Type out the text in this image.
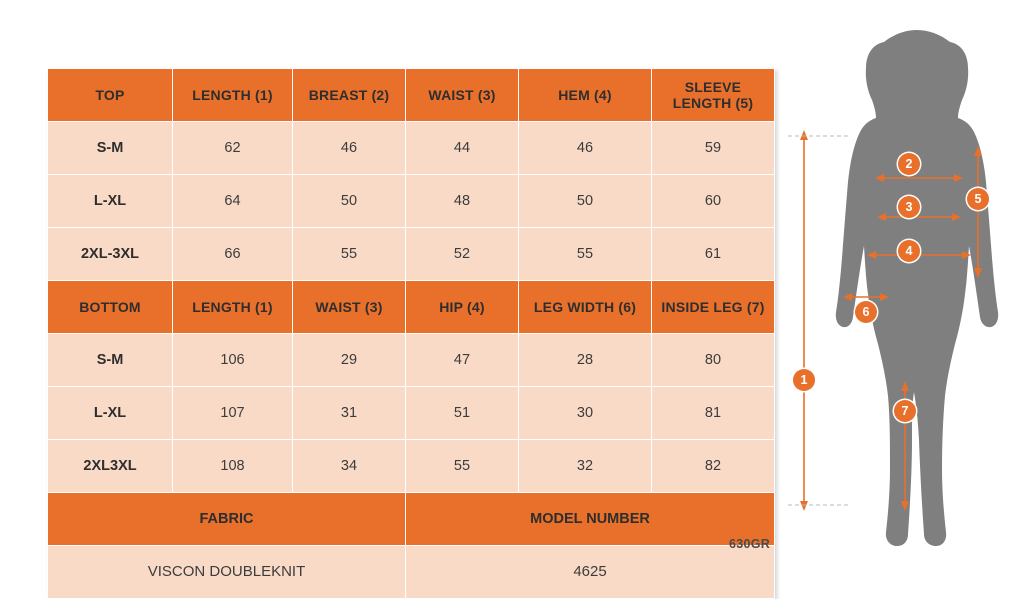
TOP	LENGTH (1)	BREAST (2)	WAIST (3)	HEM (4)	SLEEVE LENGTH (5)
S-M	62	46	44	46	59
L-XL	64	50	48	50	60
2XL-3XL	66	55	52	55	61
BOTTOM	LENGTH (1)	WAIST (3)	HIP (4)	LEG WIDTH (6)	INSIDE LEG (7)
S-M	106	29	47	28	80
L-XL	107	31	51	30	81
2XL3XL	108	34	55	32	82
FABRIC			MODEL NUMBER		
VISCON DOUBLEKNIT			4625		
630GR
1
2
3
4
5
6
7
